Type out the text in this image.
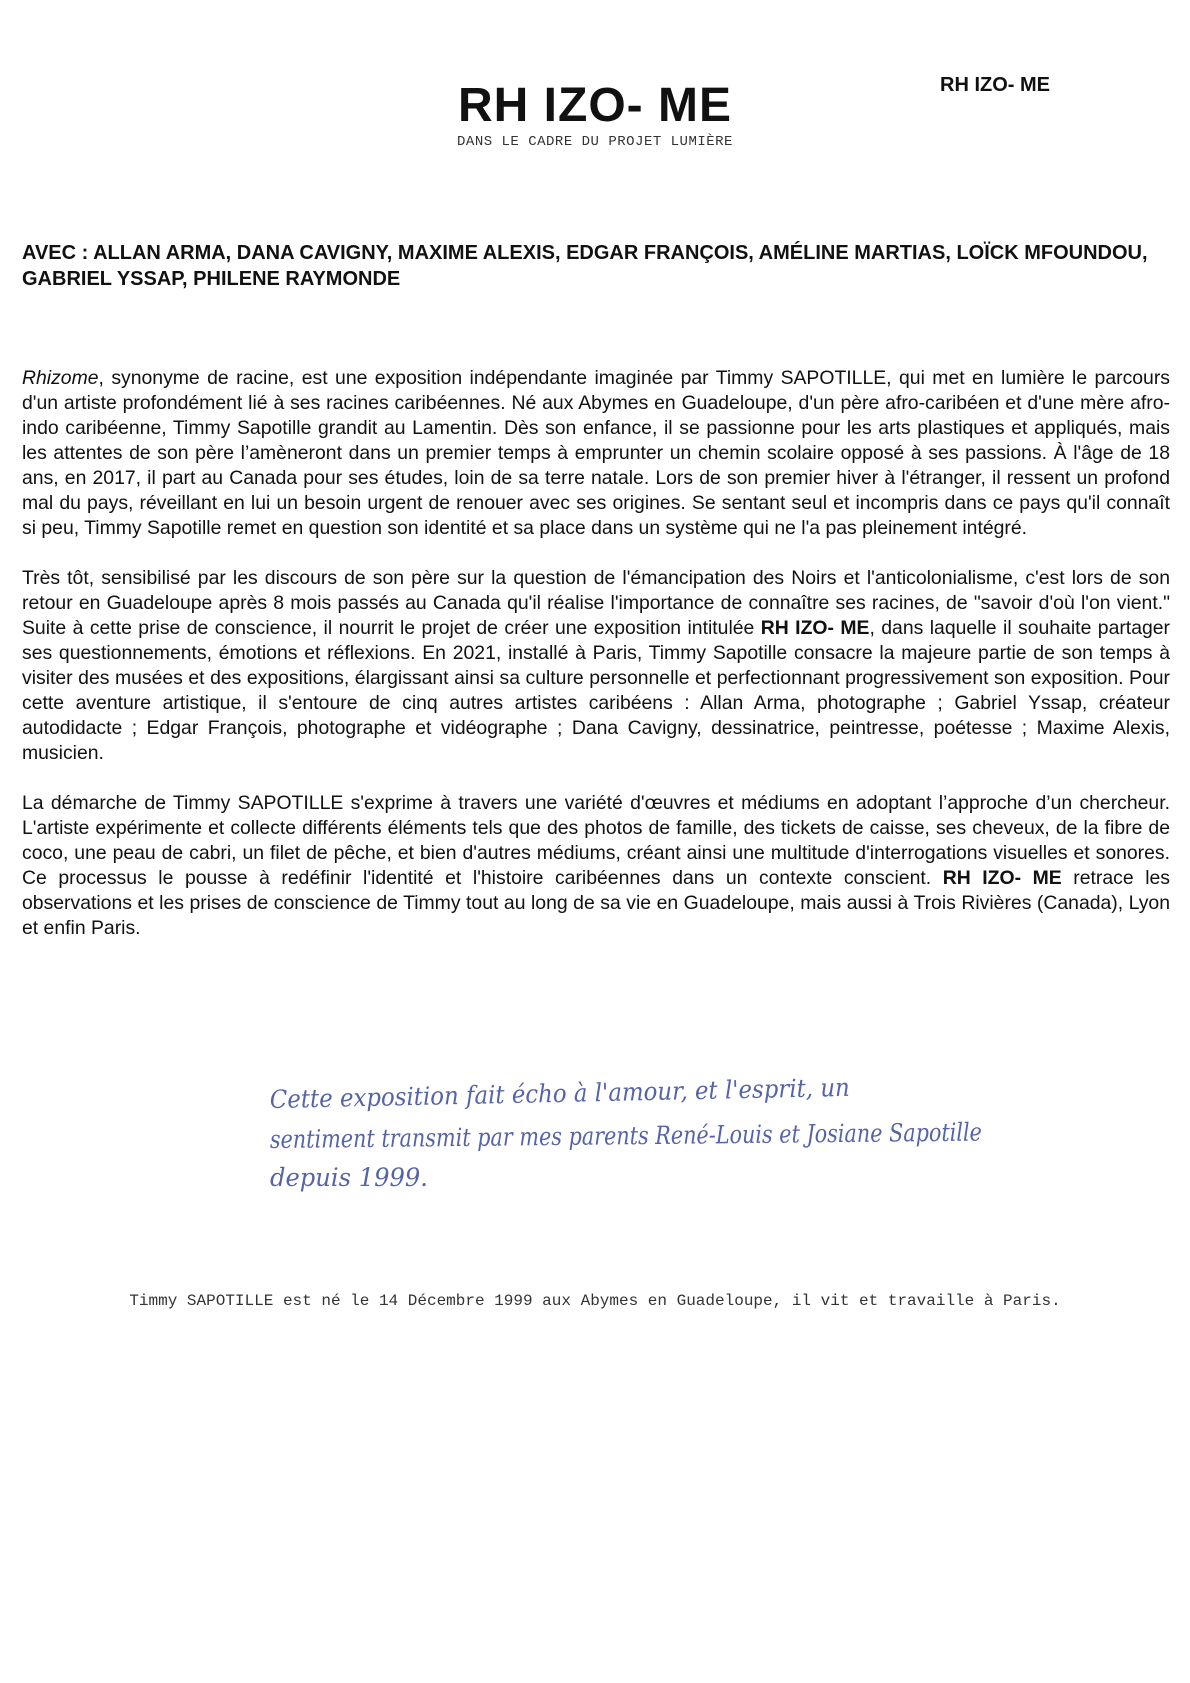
RH IZO- ME
DANS LE CADRE DU PROJET LUMIÈRE
RH IZO- ME

AVEC : ALLAN ARMA, DANA CAVIGNY, MAXIME ALEXIS, EDGAR FRANÇOIS, AMÉLINE MARTIAS, LOÏCK MFOUNDOU, GABRIEL YSSAP, PHILENE RAYMONDE

Rhizome, synonyme de racine, est une exposition indépendante imaginée par Timmy SAPOTILLE, qui met en lumière le parcours d'un artiste profondément lié à ses racines caribéennes. Né aux Abymes en Guadeloupe, d'un père afro-caribéen et d'une mère afro-indo caribéenne, Timmy Sapotille grandit au Lamentin. Dès son enfance, il se passionne pour les arts plastiques et appliqués, mais les attentes de son père l’amèneront dans un premier temps à emprunter un chemin scolaire opposé à ses passions. À l'âge de 18 ans, en 2017, il part au Canada pour ses études, loin de sa terre natale. Lors de son premier hiver à l'étranger, il ressent un profond mal du pays, réveillant en lui un besoin urgent de renouer avec ses origines. Se sentant seul et incompris dans ce pays qu'il connaît si peu, Timmy Sapotille remet en question son identité et sa place dans un système qui ne l'a pas pleinement intégré.

Très tôt, sensibilisé par les discours de son père sur la question de l'émancipation des Noirs et l'anticolonialisme, c'est lors de son retour en Guadeloupe après 8 mois passés au Canada qu'il réalise l'importance de connaître ses racines, de "savoir d'où l'on vient." Suite à cette prise de conscience, il nourrit le projet de créer une exposition intitulée RH IZO- ME, dans laquelle il souhaite partager ses questionnements, émotions et réflexions. En 2021, installé à Paris, Timmy Sapotille consacre la majeure partie de son temps à visiter des musées et des expositions, élargissant ainsi sa culture personnelle et perfectionnant progressivement son exposition. Pour cette aventure artistique, il s'entoure de cinq autres artistes caribéens : Allan Arma, photographe ; Gabriel Yssap, créateur autodidacte ; Edgar François, photographe et vidéographe ; Dana Cavigny, dessinatrice, peintresse, poétesse ; Maxime Alexis, musicien.

La démarche de Timmy SAPOTILLE s'exprime à travers une variété d'œuvres et médiums en adoptant l’approche d’un chercheur. L'artiste expérimente et collecte différents éléments tels que des photos de famille, des tickets de caisse, ses cheveux, de la fibre de coco, une peau de cabri, un filet de pêche, et bien d'autres médiums, créant ainsi une multitude d'interrogations visuelles et sonores. Ce processus le pousse à redéfinir l'identité et l'histoire caribéennes dans un contexte conscient. RH IZO- ME retrace les observations et les prises de conscience de Timmy tout au long de sa vie en Guadeloupe, mais aussi à Trois Rivières (Canada), Lyon et enfin Paris.

Cette exposition fait écho à l'amour, et l'esprit, un
sentiment transmit par mes parents René-Louis et Josiane Sapotille
depuis 1999.
Timmy SAPOTILLE est né le 14 Décembre 1999 aux Abymes en Guadeloupe, il vit et travaille à Paris.
